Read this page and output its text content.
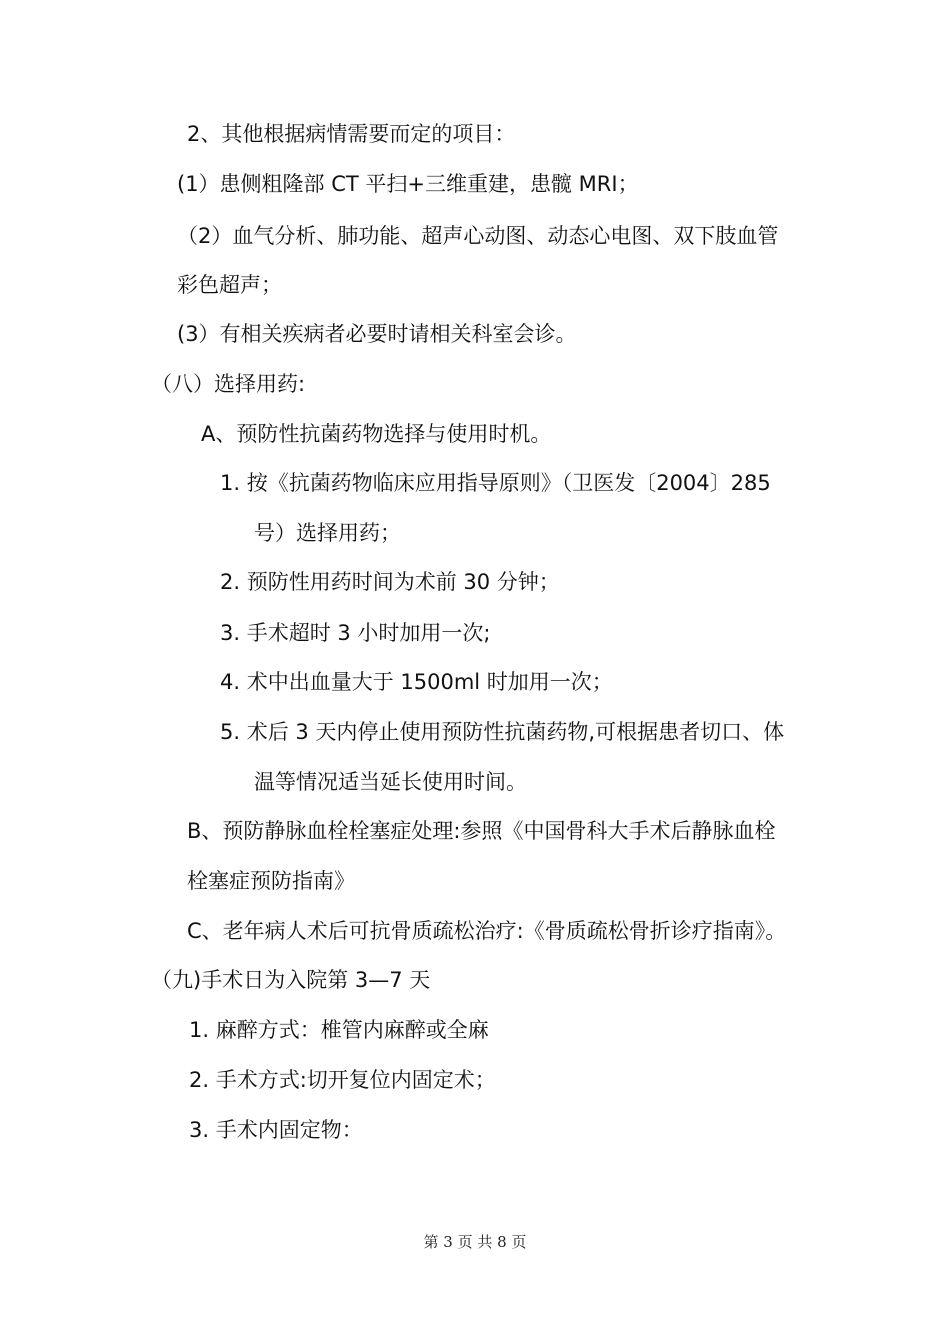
2、其他根据病情需要而定的项目：
(1）患侧粗隆部 CT 平扫+三维重建，患髋 MRI；
（2）血气分析、肺功能、超声心动图、动态心电图、双下肢血管
彩色超声；
(3）有相关疾病者必要时请相关科室会诊。
（八）选择用药:
A、预防性抗菌药物选择与使用时机。
1. 按《抗菌药物临床应用指导原则》（卫医发〔2004〕285
号）选择用药；
2. 预防性用药时间为术前 30 分钟；
3. 手术超时 3 小时加用一次;
4. 术中出血量大于 1500ml 时加用一次；
5. 术后 3 天内停止使用预防性抗菌药物,可根据患者切口、体
温等情况适当延长使用时间。
B、预防静脉血栓栓塞症处理:参照《中国骨科大手术后静脉血栓
栓塞症预防指南》
C、老年病人术后可抗骨质疏松治疗:《骨质疏松骨折诊疗指南》。
（九)手术日为入院第 3—7 天
1. 麻醉方式：椎管内麻醉或全麻
2. 手术方式:切开复位内固定术；
3. 手术内固定物：
第 3 页 共 8 页
